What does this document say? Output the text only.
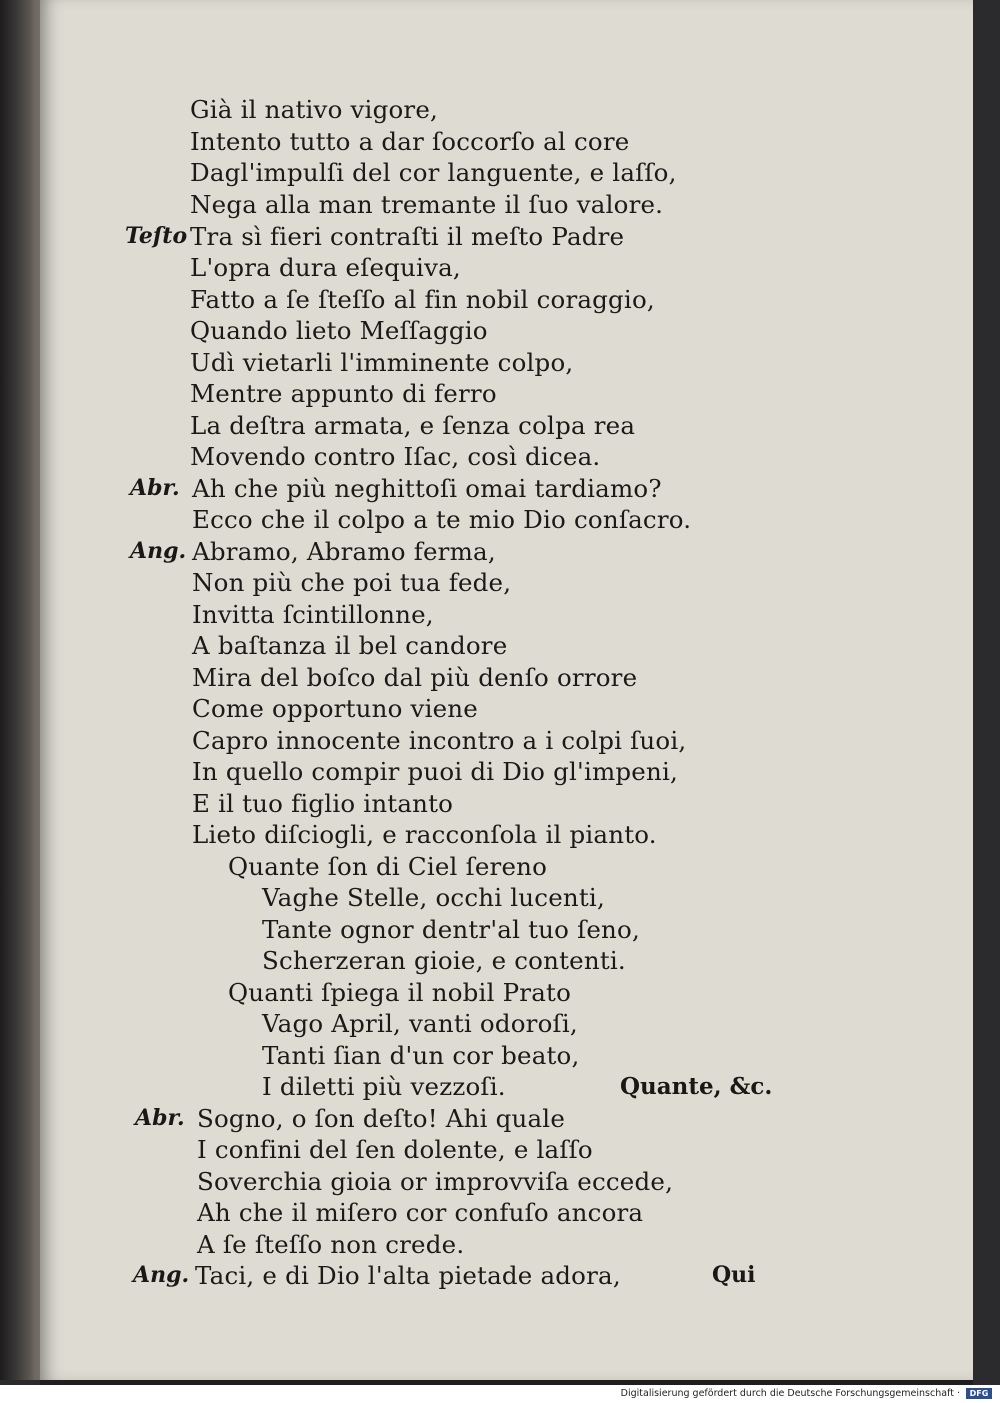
Già il nativo vigore,
Intento tutto a dar ſoccorſo al core
Dagl'impulſi del cor languente, e laſſo,
Nega alla man tremante il ſuo valore.
Teſto Tra sì fieri contraſti il meſto Padre
L'opra dura eſequiva,
Fatto a ſe ſteſſo al fin nobil coraggio,
Quando lieto Meſſaggio
Udì vietarli l'imminente colpo,
Mentre appunto di ferro
La deſtra armata, e ſenza colpa rea
Movendo contro Iſac, così dicea.
Abr. Ah che più neghittoſi omai tardiamo?
Ecco che il colpo a te mio Dio conſacro.
Ang. Abramo, Abramo ferma,
Non più che poi tua fede,
Invitta ſcintillonne,
A baſtanza il bel candore
Mira del boſco dal più denſo orrore
Come opportuno viene
Capro innocente incontro a i colpi ſuoi,
In quello compir puoi di Dio gl'impeni,
E il tuo figlio intanto
Lieto diſciogli, e racconſola il pianto.
Quante ſon di Ciel ſereno
Vaghe Stelle, occhi lucenti,
Tante ognor dentr'al tuo ſeno,
Scherzeran gioie, e contenti.
Quanti ſpiega il nobil Prato
Vago April, vanti odoroſi,
Tanti ſian d'un cor beato,
I diletti più vezzoſi.	Quante, &c.
Abr. Sogno, o ſon deſto! Ahi quale
I confini del ſen dolente, e laſſo
Soverchia gioia or improvviſa eccede,
Ah che il miſero cor confuſo ancora
A ſe ſteſſo non crede.
Ang. Taci, e di Dio l'alta pietade adora,	Qui
Digitalisierung gefördert durch die Deutsche Forschungsgemeinschaft ·	DFG
